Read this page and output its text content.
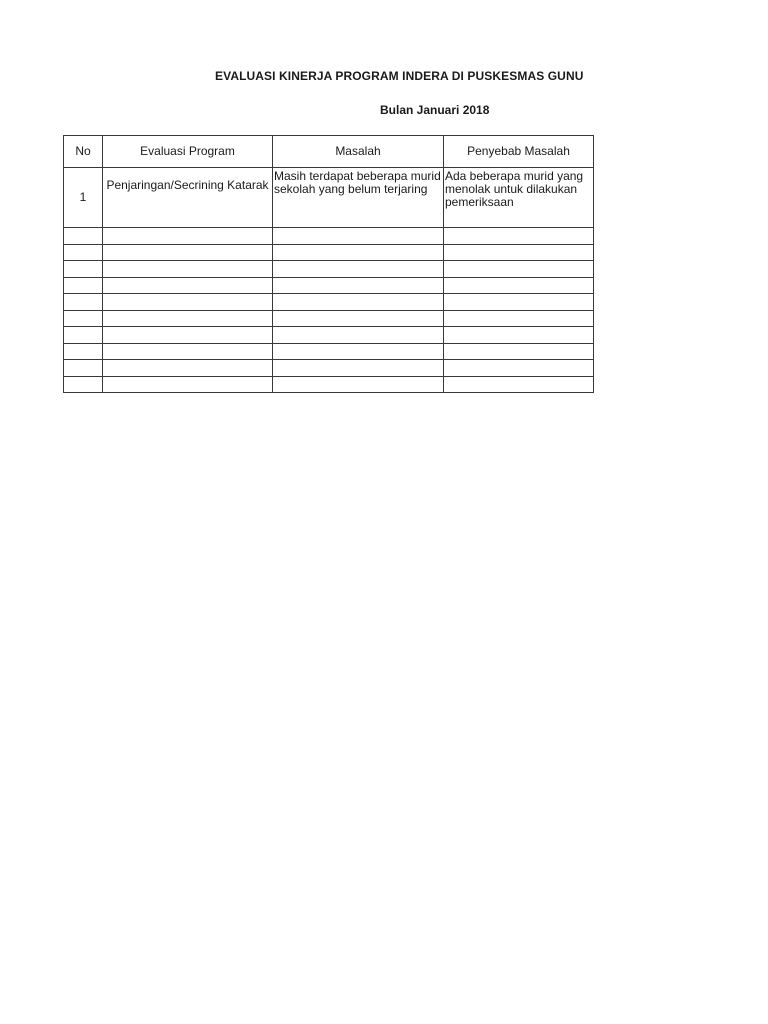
EVALUASI KINERJA PROGRAM INDERA DI PUSKESMAS GUNU
Bulan Januari 2018
No	Evaluasi Program	Masalah	Penyebab Masalah
1	Penjaringan/Secrining Katarak	Masih terdapat beberapa murid sekolah yang belum terjaring	Ada beberapa murid yang menolak untuk dilakukan pemeriksaan
